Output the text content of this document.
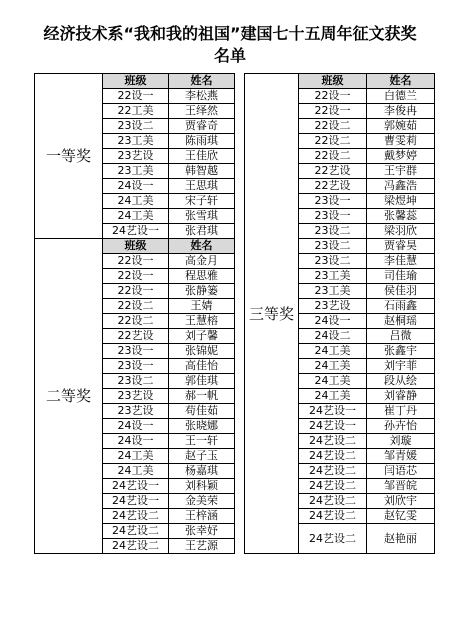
经济技术系“我和我的祖国”建国七十五周年征文获奖
名单
一等奖	班级	姓名
	22设一	李松燕
	22工美	王绎然
	23设二	贾睿奇
	23工美	陈雨琪
	23艺设	王佳欣
	23工美	韩智越
	24设一	王思琪
	24工美	宋子轩
	24工美	张雪琪
	24艺设一	张君琪
二等奖	班级	姓名
	22设一	高金月
	22设一	程思雅
	22设一	张静篓
	22设二	王婧
	22设二	王慧榕
	22艺设	刘子馨
	23设一	张锦妮
	23设一	高佳怡
	23设二	郭佳琪
	23艺设	郝一帆
	23艺设	苟佳茹
	24设一	张晓娜
	24设一	王一轩
	24工美	赵子玉
	24工美	杨嘉琪
	24艺设一	刘科颖
	24艺设一	金美荣
	24艺设二	王梓涵
	24艺设二	张幸妤
	24艺设二	王艺源
三等奖	班级	姓名
	22设一	白德兰
	22设一	李俊冉
	22设二	郭婉茹
	22设二	曹雯莉
	22设二	戴梦婷
	22艺设	王宇群
	22艺设	冯鑫浩
	23设一	梁煜坤
	23设一	张馨蕊
	23设二	梁羽欣
	23设二	贾睿昊
	23设二	李佳慧
	23工美	司佳瑜
	23工美	侯佳羽
	23艺设	石雨鑫
	24设一	赵桐瑶
	24设二	吕微
	24工美	张鑫宇
	24工美	刘宇菲
	24工美	段从绘
	24工美	刘睿静
	24艺设一	崔丁丹
	24艺设一	孙卉怡
	24艺设二	刘璇
	24艺设二	邹青媛
	24艺设二	闫语芯
	24艺设二	邹晋皖
	24艺设二	刘欣宇
	24艺设二	赵钇雯
	24艺设二	赵艳丽
